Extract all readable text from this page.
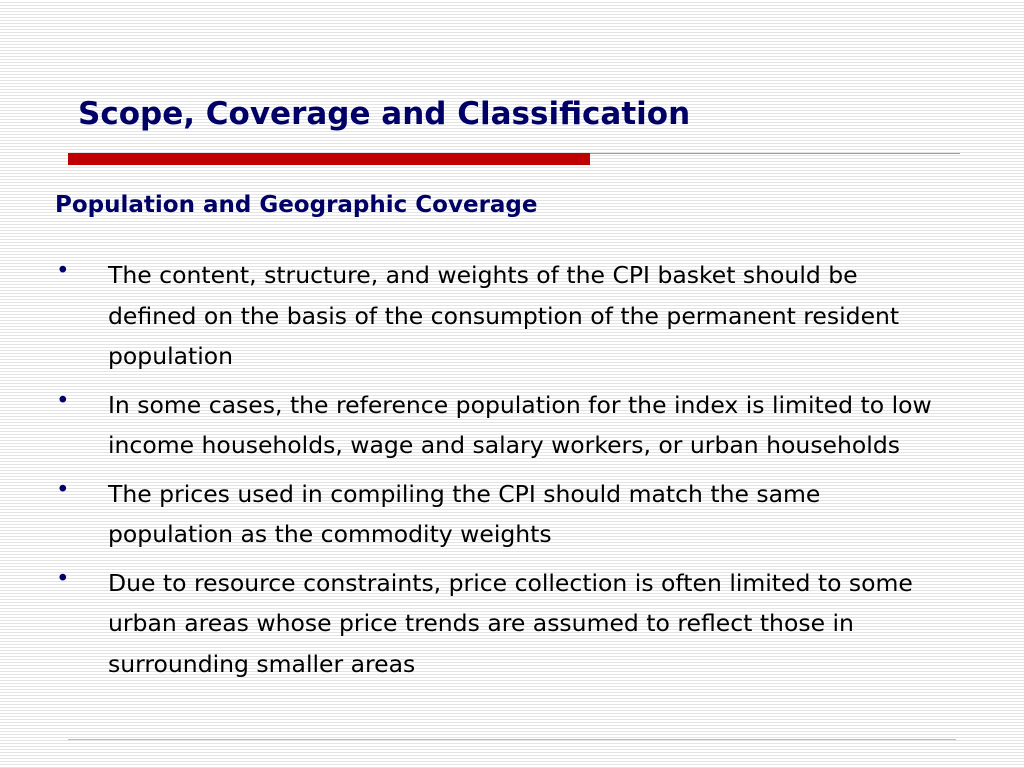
Scope, Coverage and Classification
Population and Geographic Coverage
•	The content, structure, and weights of the CPI basket should be defined on the basis of the consumption of the permanent resident population
•	In some cases, the reference population for the index is limited to low income households, wage and salary workers, or urban households
•	The prices used in compiling the CPI should match the same population as the commodity weights
•	Due to resource constraints, price collection is often limited to some urban areas whose price trends are assumed to reflect those in surrounding smaller areas
